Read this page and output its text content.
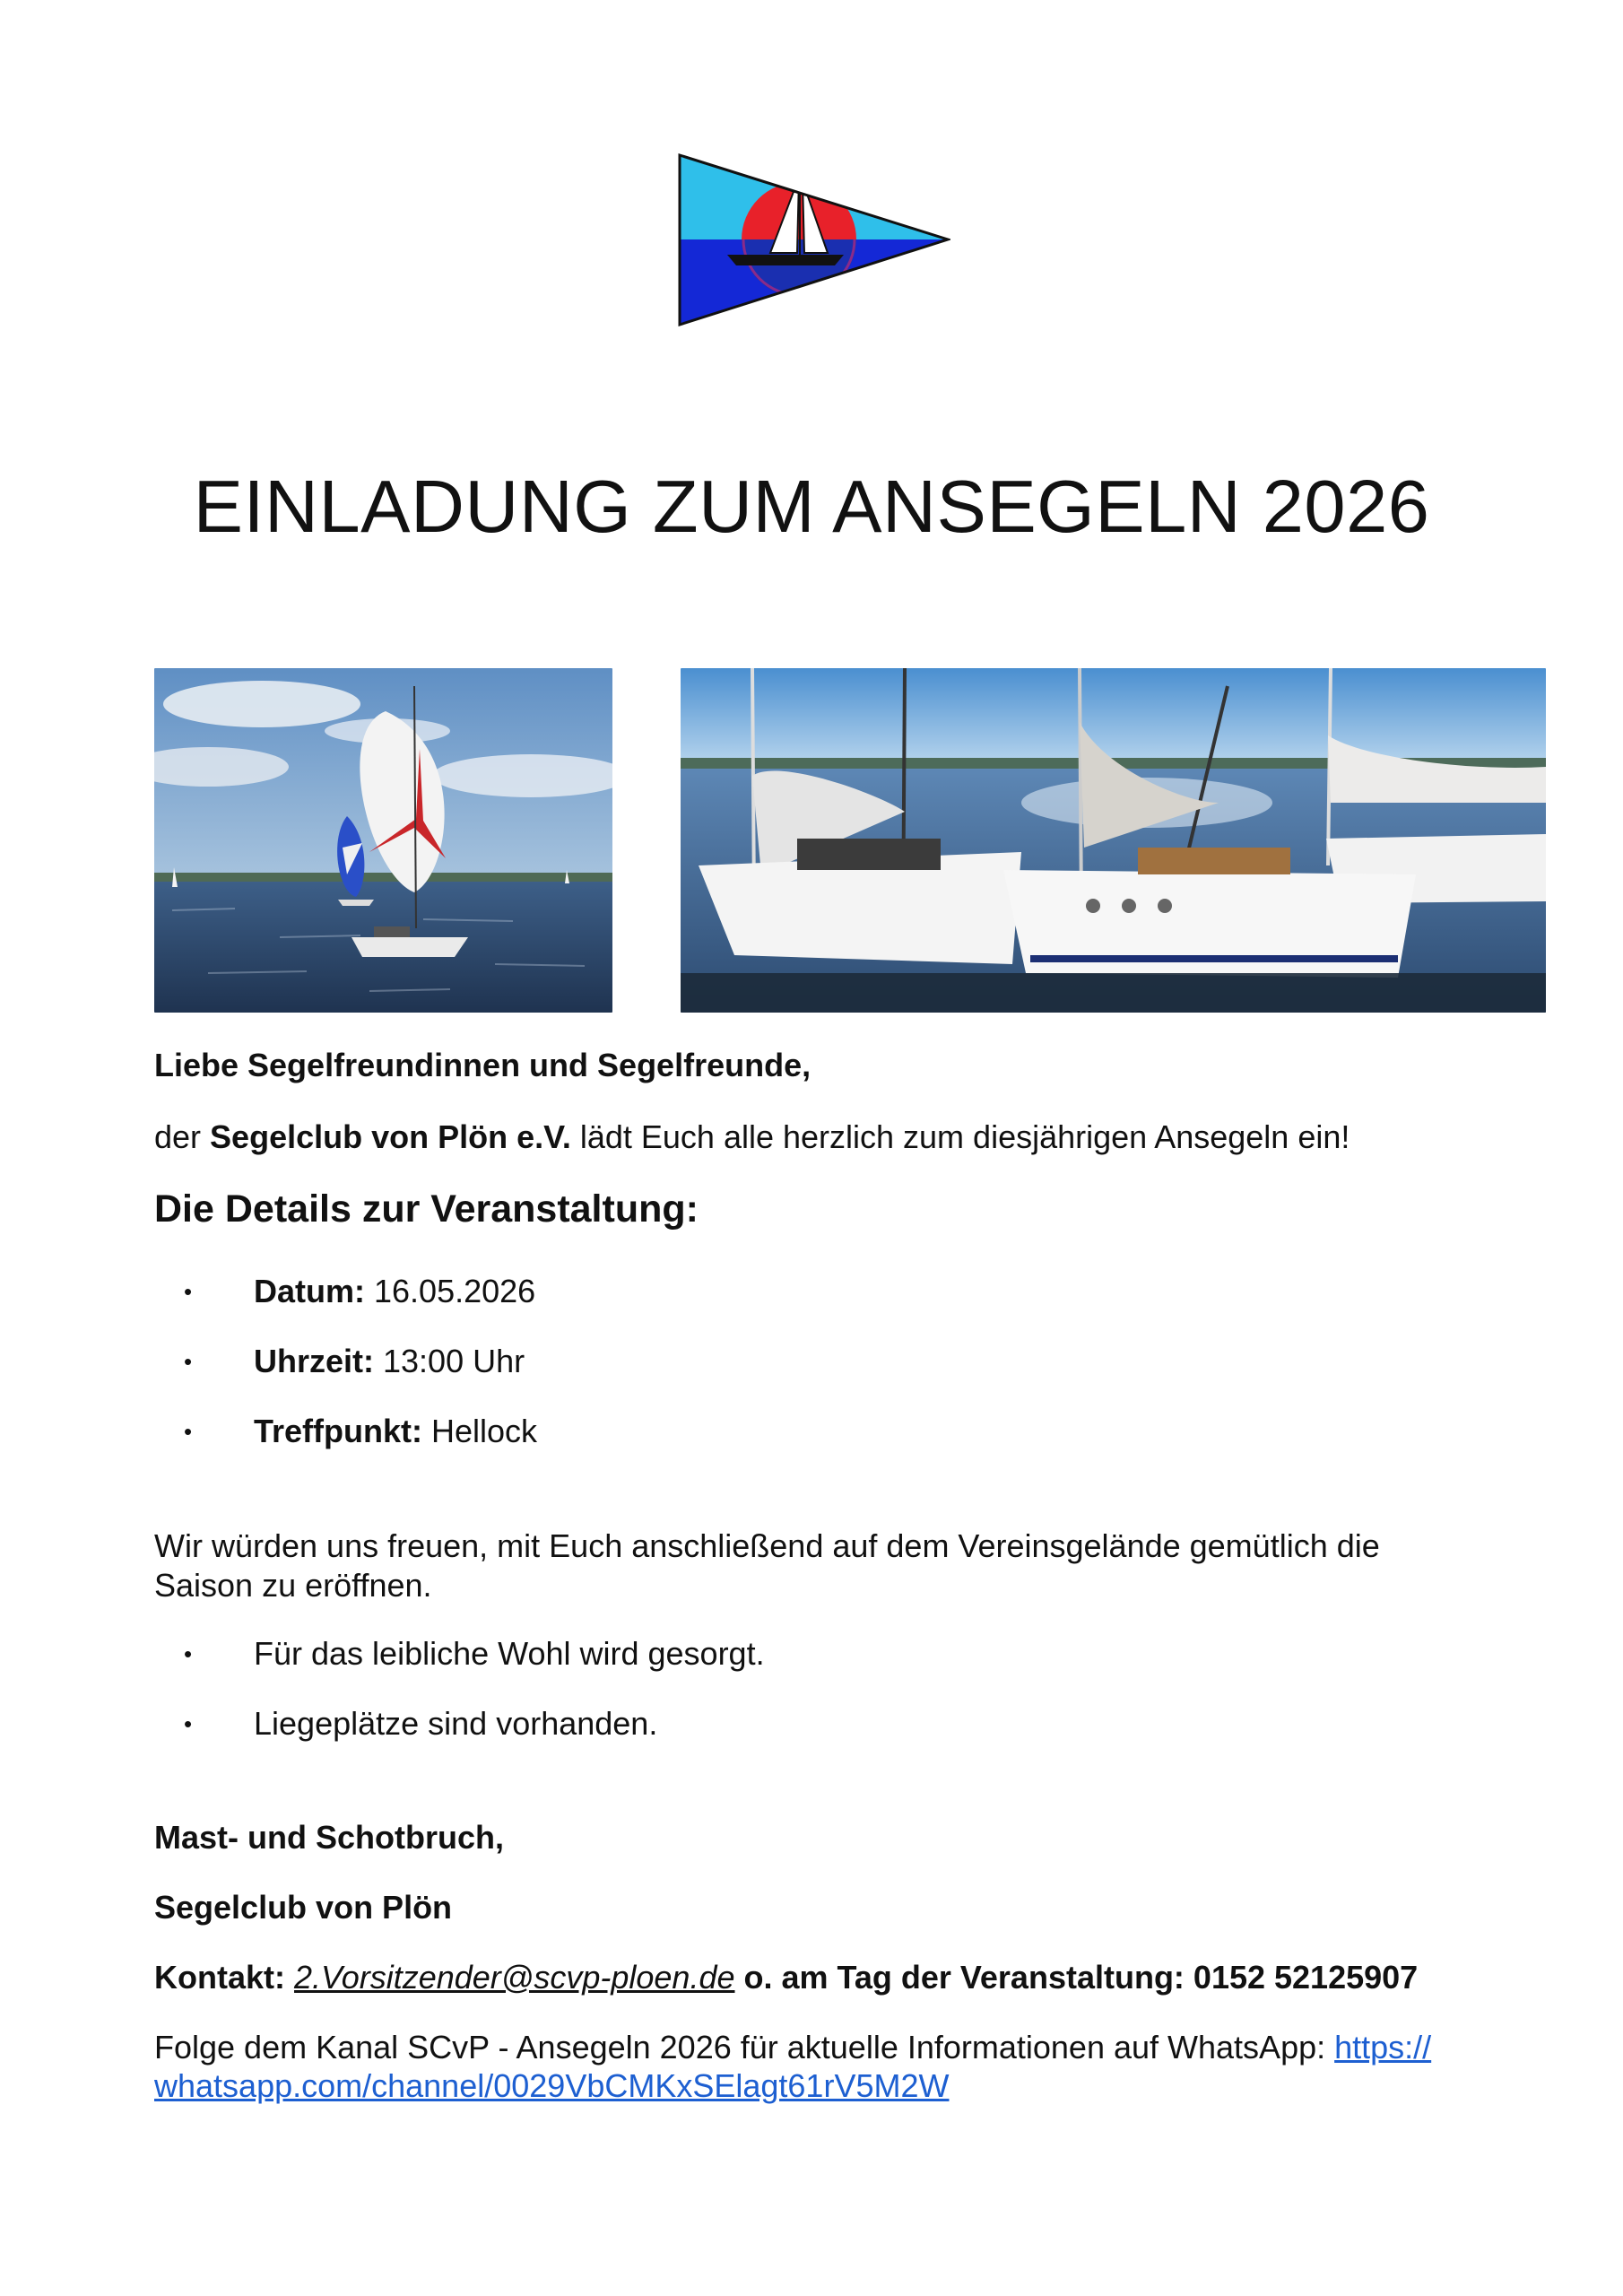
EINLADUNG ZUM ANSEGELN 2026

Liebe Segelfreundinnen und Segelfreunde,

der Segelclub von Plön e.V. lädt Euch alle herzlich zum diesjährigen Ansegeln ein!

Die Details zur Veranstaltung:

• Datum: 16.05.2026
• Uhrzeit: 13:00 Uhr
• Treffpunkt: Hellock

Wir würden uns freuen, mit Euch anschließend auf dem Vereinsgelände gemütlich die
Saison zu eröffnen.

• Für das leibliche Wohl wird gesorgt.
• Liegeplätze sind vorhanden.

Mast- und Schotbruch,

Segelclub von Plön

Kontakt: 2.Vorsitzender@scvp-ploen.de o. am Tag der Veranstaltung: 0152 52125907

Folge dem Kanal SCvP - Ansegeln 2026 für aktuelle Informationen auf WhatsApp: https://
whatsapp.com/channel/0029VbCMKxSElagt61rV5M2W
